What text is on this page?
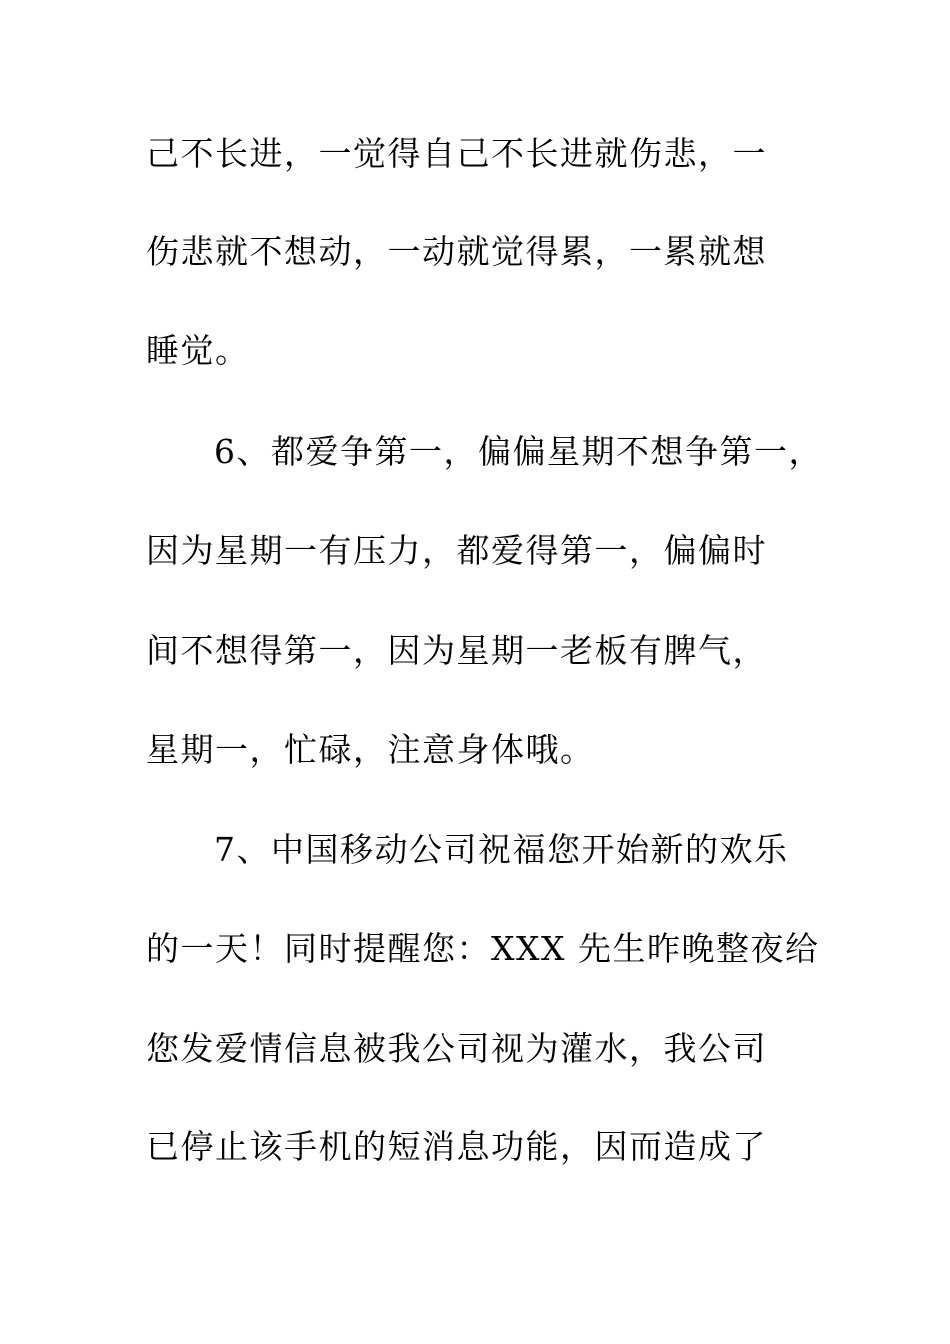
己不长进，一觉得自己不长进就伤悲，一
伤悲就不想动，一动就觉得累，一累就想
睡觉。
6、都爱争第一，偏偏星期不想争第一，
因为星期一有压力，都爱得第一，偏偏时
间不想得第一，因为星期一老板有脾气，
星期一，忙碌，注意身体哦。
7、中国移动公司祝福您开始新的欢乐
的一天！同时提醒您：XXX 先生昨晚整夜给
您发爱情信息被我公司视为灌水，我公司
已停止该手机的短消息功能，因而造成了
